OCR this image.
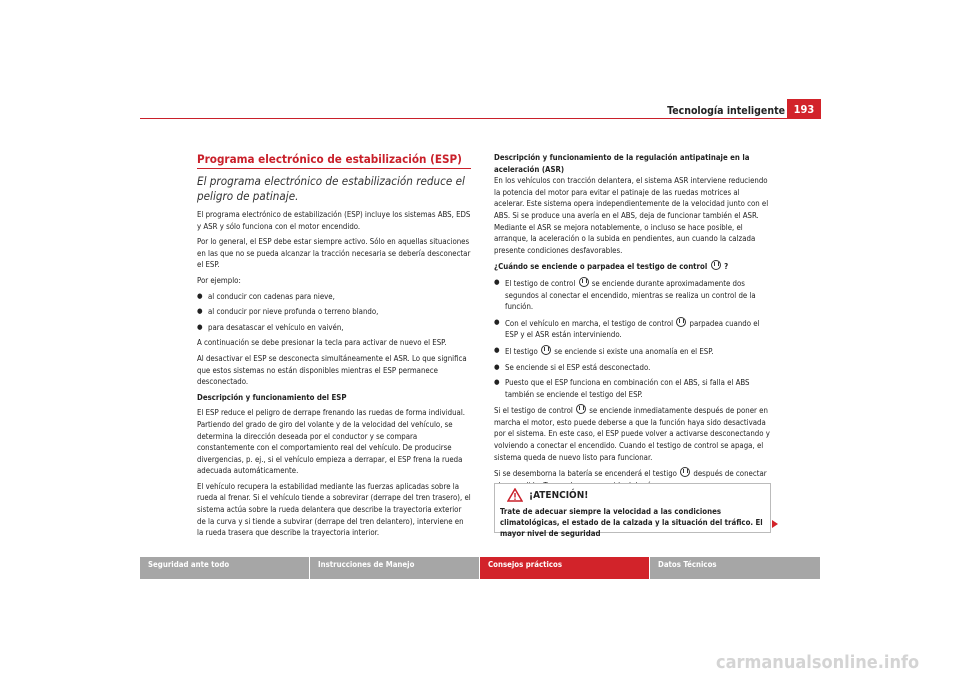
Tecnología inteligente 193
Programa electrónico de estabilización (ESP)
El programa electrónico de estabilización reduce el peligro de patinaje.

El programa electrónico de estabilización (ESP) incluye los sistemas ABS, EDS y ASR y sólo funciona con el motor encendido.

Por lo general, el ESP debe estar siempre activo. Sólo en aquellas situaciones en las que no se pueda alcanzar la tracción necesaria se debería desconectar el ESP.

Por ejemplo:

● al conducir con cadenas para nieve,

● al conducir por nieve profunda o terreno blando,

● para desatascar el vehículo en vaivén,

A continuación se debe presionar la tecla para activar de nuevo el ESP.

Al desactivar el ESP se desconecta simultáneamente el ASR. Lo que significa que estos sistemas no están disponibles mientras el ESP permanece desconectado.

Descripción y funcionamiento del ESP

El ESP reduce el peligro de derrape frenando las ruedas de forma individual. Partiendo del grado de giro del volante y de la velocidad del vehículo, se determina la dirección deseada por el conductor y se compara constantemente con el comportamiento real del vehículo. De producirse divergencias, p. ej., si el vehículo empieza a derrapar, el ESP frena la rueda adecuada automáticamente.

El vehículo recupera la estabilidad mediante las fuerzas aplicadas sobre la rueda al frenar. Si el vehículo tiende a sobrevirar (derrape del tren trasero), el sistema actúa sobre la rueda delantera que describe la trayectoria exterior de la curva y si tiende a subvirar (derrape del tren delantero), interviene en la rueda trasera que describe la trayectoria interior.

Descripción y funcionamiento de la regulación antipatinaje en la aceleración (ASR)

En los vehículos con tracción delantera, el sistema ASR interviene reduciendo la potencia del motor para evitar el patinaje de las ruedas motrices al acelerar. Este sistema opera independientemente de la velocidad junto con el ABS. Si se produce una avería en el ABS, deja de funcionar también el ASR. Mediante el ASR se mejora notablemente, o incluso se hace posible, el arranque, la aceleración o la subida en pendientes, aun cuando la calzada presente condiciones desfavorables.

¿Cuándo se enciende o parpadea el testigo de control ?

● El testigo de control se enciende durante aproximadamente dos segundos al conectar el encendido, mientras se realiza un control de la función.

● Con el vehículo en marcha, el testigo de control parpadea cuando el ESP y el ASR están interviniendo.

● El testigo se enciende si existe una anomalía en el ESP.

● Se enciende si el ESP está desconectado.

● Puesto que el ESP funciona en combinación con el ABS, si falla el ABS también se enciende el testigo del ESP.

Si el testigo de control se enciende inmediatamente después de poner en marcha el motor, esto puede deberse a que la función haya sido desactivada por el sistema. En este caso, el ESP puede volver a activarse desconectando y volviendo a conectar el encendido. Cuando el testigo de control se apaga, el sistema queda de nuevo listo para funcionar.

Si se desemborna la batería se encenderá el testigo después de conectar

¡ATENCIÓN!
Trate de adecuar siempre la velocidad a las condiciones climatológicas, el estado de la calzada y la situación del tráfico. El mayor nivel de seguridad
Seguridad ante todo	Instrucciones de Manejo	Consejos prácticos	Datos Técnicos
carmanualsonline.info
